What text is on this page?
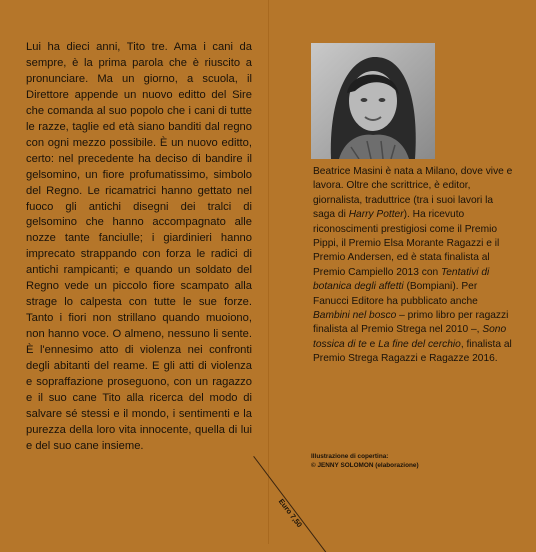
Lui ha dieci anni, Tito tre. Ama i cani da sempre, è la prima parola che è riuscito a pronunciare. Ma un giorno, a scuola, il Direttore appende un nuovo editto del Sire che comanda al suo popolo che i cani di tutte le razze, taglie ed età siano banditi dal regno con ogni mezzo possibile. È un nuovo editto, certo: nel precedente ha deciso di bandire il gelsomino, un fiore profumatissimo, simbolo del Regno. Le ricamatrici hanno gettato nel fuoco gli antichi disegni dei tralci di gelsomino che hanno accompagnato alle nozze tante fanciulle; i giardinieri hanno imprecato strappando con forza le radici di antichi rampicanti; e quando un soldato del Regno vede un piccolo fiore scampato alla strage lo calpesta con tutte le sue forze. Tanto i fiori non strillano quando muoiono, non hanno voce. O almeno, nessuno li sente. È l'ennesimo atto di violenza nei confronti degli abitanti del reame. E gli atti di violenza e sopraffazione proseguono, con un ragazzo e il suo cane Tito alla ricerca del modo di salvare sé stessi e il mondo, i sentimenti e la purezza della loro vita innocente, quella di lui e del suo cane insieme.

Beatrice Masini è nata a Milano, dove vive e lavora. Oltre che scrittrice, è editor, giornalista, traduttrice (tra i suoi lavori la saga di Harry Potter). Ha ricevuto riconoscimenti prestigiosi come il Premio Pippi, il Premio Elsa Morante Ragazzi e il Premio Andersen, ed è stata finalista al Premio Campiello 2013 con Tentativi di botanica degli affetti (Bompiani). Per Fanucci Editore ha pubblicato anche Bambini nel bosco – primo libro per ragazzi finalista al Premio Strega nel 2010 –, Sono tossica di te e La fine del cerchio, finalista al Premio Strega Ragazzi e Ragazze 2016.

Illustrazione di copertina:
© JENNY SOLOMON (elaborazione)
Euro 7,50
